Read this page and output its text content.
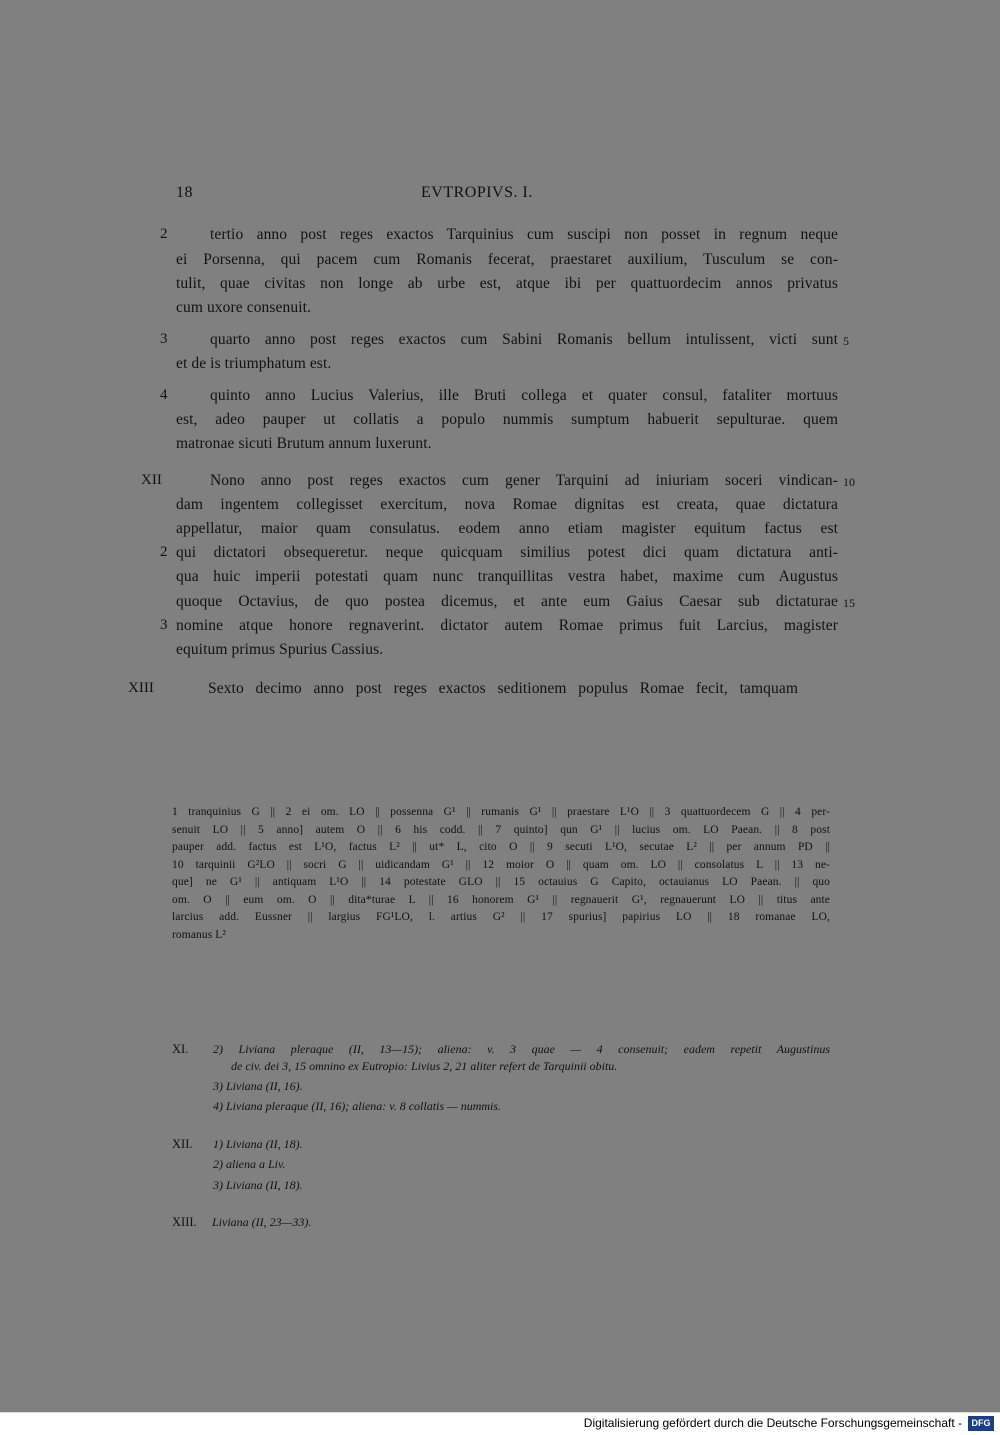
18	EVTROPIVS. I.
tertio anno post reges exactos Tarquinius cum suscipi non posset in regnum neque
2
ei Porsenna, qui pacem cum Romanis fecerat, praestaret auxilium, Tusculum se con-
tulit, quae civitas non longe ab urbe est, atque ibi per quattuordecim annos privatus
cum uxore consenuit.
quarto anno post reges exactos cum Sabini Romanis bellum intulissent, victi sunt
3	5
et de is triumphatum est.
quinto anno Lucius Valerius, ille Bruti collega et quater consul, fataliter mortuus
4
est, adeo pauper ut collatis a populo nummis sumptum habuerit sepulturae. quem
matronae sicuti Brutum annum luxerunt.
Nono anno post reges exactos cum gener Tarquini ad iniuriam soceri vindican-
XII	10
dam ingentem collegisset exercitum, nova Romae dignitas est creata, quae dictatura
appellatur, maior quam consulatus. eodem anno etiam magister equitum factus est
qui dictatori obsequeretur. neque quicquam similius potest dici quam dictatura anti-
2
qua huic imperii potestati quam nunc tranquillitas vestra habet, maxime cum Augustus
quoque Octavius, de quo postea dicemus, et ante eum Gaius Caesar sub dictaturae 15
nomine atque honore regnaverint. dictator autem Romae primus fuit Larcius, magister
3
equitum primus Spurius Cassius.
Sexto decimo anno post reges exactos seditionem populus Romae fecit, tamquam
XIII
1 tranquinius G || 2 ei om. LO || possenna G¹ || rumanis G¹ || praestare L¹O || 3 quattuordecem G || 4 per-
senuit LO || 5 anno] autem O || 6 his codd. || 7 quinto] qun G¹ || lucius om. LO Paean. || 8 post
pauper add. factus est L¹O, factus L² || ut* L, cito O || 9 secuti L¹O, secutae L² || per annum PD ||
10 tarquinii G²LO || socri G || uidicandam G¹ || 12 moior O || quam om. LO || consolatus L || 13 ne-
que] ne G¹ || antiquam L¹O || 14 potestate GLO || 15 octauius G Capito, octauianus LO Paean. || quo
om. O || eum om. O || dita*turae L || 16 honorem G¹ || regnauerit G¹, regnauerunt LO || titus ante
larcius add. Eussner || largius FG¹LO, l. artius G² || 17 spurius] papirius LO || 18 romanae LO,
romanus L²
XI. 2) Liviana pleraque (II, 13—15); aliena: v. 3 quae — 4 consenuit; eadem repetit Augustinus
de civ. dei 3, 15 omnino ex Eutropio: Livius 2, 21 aliter refert de Tarquinii obitu.
3) Liviana (II, 16).
4) Liviana pleraque (II, 16); aliena: v. 8 collatis — nummis.
XII. 1) Liviana (II, 18).
2) aliena a Liv.
3) Liviana (II, 18).
XIII. Liviana (II, 23—33).
Digitalisierung gefördert durch die Deutsche Forschungsgemeinschaft -	DFG
